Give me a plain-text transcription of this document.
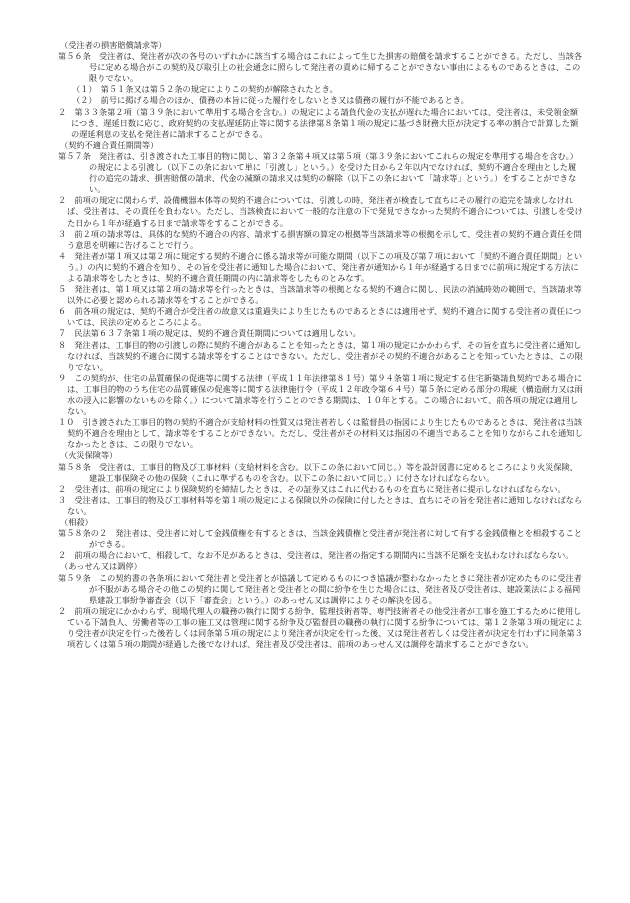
（受注者の損害賠償請求等）

第５６条　受注者は、発注者が次の各号のいずれかに該当する場合はこれによって生じた損害の賠償を請求することができる。ただし、当該各号に定める場合がこの契約及び取引上の社会通念に照らして発注者の責めに帰することができない事由によるものであるときは、この限りでない。

（１）　第５１条又は第５２条の規定によりこの契約が解除されたとき。

（２）　前号に掲げる場合のほか、債務の本旨に従った履行をしないとき又は債務の履行が不能であるとき。

２　第３３条第２項（第３９条において準用する場合を含む。）の規定による請負代金の支払が遅れた場合においては、受注者は、未受領金額につき、遅延日数に応じ、政府契約の支払遅延防止等に関する法律第８条第１項の規定に基づき財務大臣が決定する率の割合で計算した額の遅延利息の支払を発注者に請求することができる。

（契約不適合責任期間等）

第５７条　発注者は、引き渡された工事目的物に関し、第３２条第４項又は第５項（第３９条においてこれらの規定を準用する場合を含む。）の規定による引渡し（以下この条において単に「引渡し」という。）を受けた日から２年以内でなければ、契約不適合を理由とした履行の追完の請求、損害賠償の請求、代金の減額の請求又は契約の解除（以下この条において「請求等」という。）をすることができない。

２　前項の規定に関わらず、設備機器本体等の契約不適合については、引渡しの時、発注者が検査して直ちにその履行の追完を請求しなければ、受注者は、その責任を負わない。ただし、当該検査において一般的な注意の下で発見できなかった契約不適合については、引渡しを受けた日から１年が経過する日まで請求等をすることができる。

３　前２項の請求等は、具体的な契約不適合の内容、請求する損害額の算定の根拠等当該請求等の根拠を示して、受注者の契約不適合責任を問う意思を明確に告げることで行う。

４　発注者が第１項又は第２項に規定する契約不適合に係る請求等が可能な期間（以下この項及び第７項において「契約不適合責任期間」という。）の内に契約不適合を知り、その旨を受注者に通知した場合において、発注者が通知から１年が経過する日までに前項に規定する方法による請求等をしたときは、契約不適合責任期間の内に請求等をしたものとみなす。

５　発注者は、第１項又は第２項の請求等を行ったときは、当該請求等の根拠となる契約不適合に関し、民法の消滅時効の範囲で、当該請求等以外に必要と認められる請求等をすることができる。

６　前各項の規定は、契約不適合が受注者の故意又は重過失により生じたものであるときには適用せず、契約不適合に関する受注者の責任については、民法の定めるところによる。

７　民法第６３７条第１項の規定は、契約不適合責任期間については適用しない。

８　発注者は、工事目的物の引渡しの際に契約不適合があることを知ったときは、第１項の規定にかかわらず、その旨を直ちに受注者に通知しなければ、当該契約不適合に関する請求等をすることはできない。ただし、受注者がその契約不適合があることを知っていたときは、この限りでない。

９　この契約が、住宅の品質確保の促進等に関する法律（平成１１年法律第８１号）第９４条第１項に規定する住宅新築請負契約である場合には、工事目的物のうち住宅の品質確保の促進等に関する法律施行令（平成１２年政令第６４号）第５条に定める部分の瑕疵（構造耐力又は雨水の浸入に影響のないものを除く。）について請求等を行うことのできる期間は、１０年とする。この場合において、前各項の規定は適用しない。

１０　引き渡された工事目的物の契約不適合が支給材料の性質又は発注者若しくは監督員の指図により生じたものであるときは、発注者は当該契約不適合を理由として、請求等をすることができない。ただし、受注者がその材料又は指図の不適当であることを知りながらこれを通知しなかったときは、この限りでない。

（火災保険等）

第５８条　受注者は、工事目的物及び工事材料（支給材料を含む。以下この条において同じ。）等を設計図書に定めるところにより火災保険、建設工事保険その他の保険（これに準ずるものを含む。以下この条において同じ。）に付さなければならない。

２　受注者は、前項の規定により保険契約を締結したときは、その証券又はこれに代わるものを直ちに発注者に提示しなければならない。

３　受注者は、工事目的物及び工事材料等を第１項の規定による保険以外の保険に付したときは、直ちにその旨を発注者に通知しなければならない。

（相殺）

第５８条の２　発注者は、受注者に対して金銭債権を有するときは、当該金銭債権と受注者が発注者に対して有する金銭債権とを相殺することができる。

２　前項の場合において、相殺して、なお不足があるときは、受注者は、発注者の指定する期間内に当該不足額を支払わなければならない。

（あっせん又は調停）

第５９条　この契約書の各条項において発注者と受注者とが協議して定めるものにつき協議が整わなかったときに発注者が定めたものに受注者が不服がある場合その他この契約に関して発注者と受注者との間に紛争を生じた場合には、発注者及び受注者は、建設業法による福岡県建設工事紛争審査会（以下「審査会」という。）のあっせん又は調停によりその解決を図る。

２　前項の規定にかかわらず、現場代理人の職務の執行に関する紛争、監理技術者等、専門技術者その他受注者が工事を施工するために使用している下請負人、労働者等の工事の施工又は管理に関する紛争及び監督員の職務の執行に関する紛争については、第１２条第３項の規定により受注者が決定を行った後若しくは同条第５項の規定により発注者が決定を行った後、又は発注者若しくは受注者が決定を行わずに同条第３項若しくは第５項の期間が経過した後でなければ、発注者及び受注者は、前項のあっせん又は調停を請求することができない。
